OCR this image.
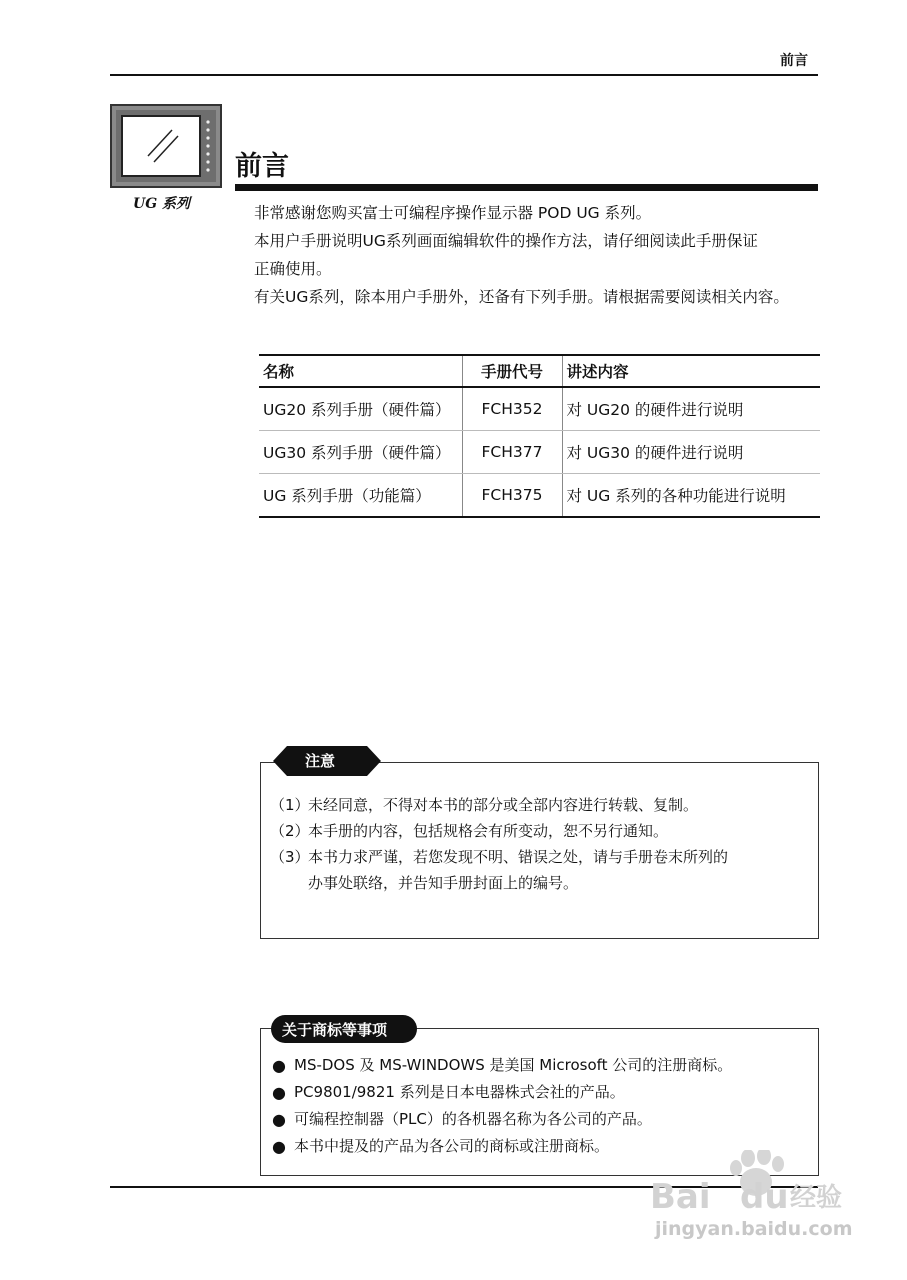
前言
UG 系列
前言

非常感谢您购买富士可编程序操作显示器 POD UG 系列。

本用户手册说明UG系列画面编辑软件的操作方法，请仔细阅读此手册保证

正确使用。

有关UG系列，除本用户手册外，还备有下列手册。请根据需要阅读相关内容。

名称	手册代号	讲述内容
UG20 系列手册（硬件篇）	FCH352	对 UG20 的硬件进行说明
UG30 系列手册（硬件篇）	FCH377	对 UG30 的硬件进行说明
UG 系列手册（功能篇）	FCH375	对 UG 系列的各种功能进行说明
注意
（1）
未经同意，不得对本书的部分或全部内容进行转载、复制。
（2）
本手册的内容，包括规格会有所变动，恕不另行通知。
（3）
本书力求严谨，若您发现不明、错误之处，请与手册卷末所列的
办事处联络，并告知手册封面上的编号。
关于商标等事项
● MS-DOS 及 MS-WINDOWS 是美国 Microsoft 公司的注册商标。
● PC9801/9821 系列是日本电器株式会社的产品。
● 可编程控制器（PLC）的各机器名称为各公司的产品。
● 本书中提及的产品为各公司的商标或注册商标。
Bai du 经验
jingyan.baidu.com
